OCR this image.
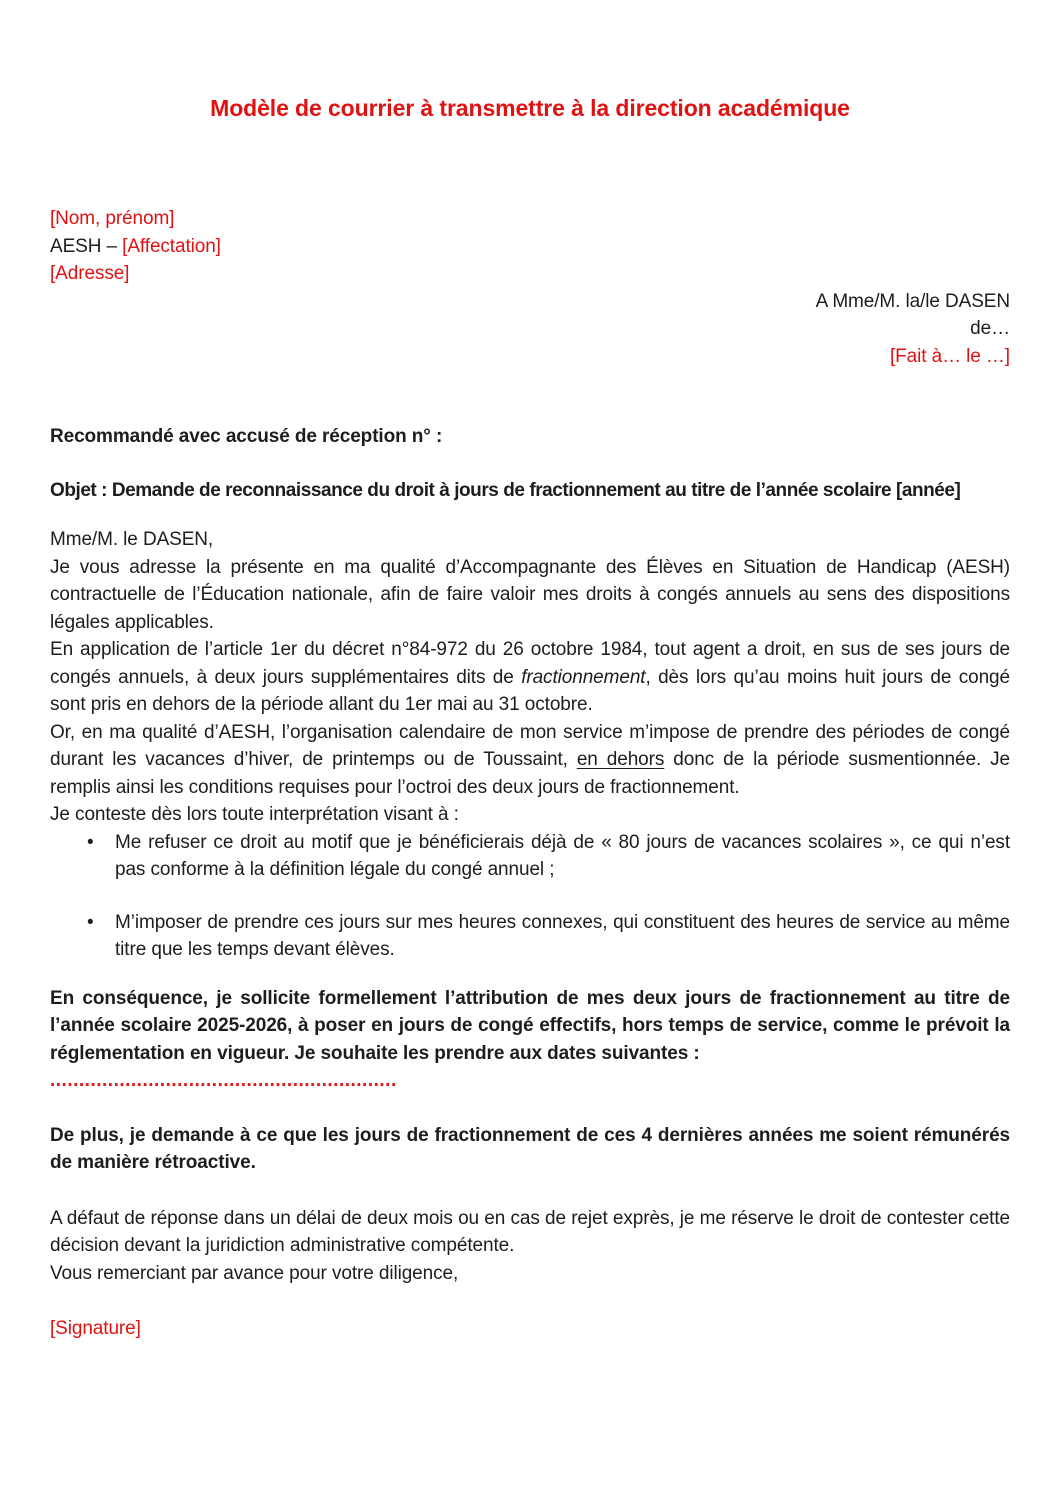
Modèle de courrier à transmettre à la direction académique
[Nom, prénom]
AESH – [Affectation]
[Adresse]
A Mme/M. la/le DASEN
de…
[Fait à… le …]

Recommandé avec accusé de réception n° :

Objet : Demande de reconnaissance du droit à jours de fractionnement au titre de l’année scolaire [année]

Mme/M. le DASEN,

Je vous adresse la présente en ma qualité d’Accompagnante des Élèves en Situation de Handicap (AESH) contractuelle de l’Éducation nationale, afin de faire valoir mes droits à congés annuels au sens des dispositions légales applicables.

En application de l’article 1er du décret n°84-972 du 26 octobre 1984, tout agent a droit, en sus de ses jours de congés annuels, à deux jours supplémentaires dits de fractionnement, dès lors qu’au moins huit jours de congé sont pris en dehors de la période allant du 1er mai au 31 octobre.

Or, en ma qualité d’AESH, l’organisation calendaire de mon service m’impose de prendre des périodes de congé durant les vacances d’hiver, de printemps ou de Toussaint, en dehors donc de la période susmentionnée. Je remplis ainsi les conditions requises pour l’octroi des deux jours de fractionnement.

Je conteste dès lors toute interprétation visant à :

• Me refuser ce droit au motif que je bénéficierais déjà de « 80 jours de vacances scolaires », ce qui n’est pas conforme à la définition légale du congé annuel ;
• M’imposer de prendre ces jours sur mes heures connexes, qui constituent des heures de service au même titre que les temps devant élèves.

En conséquence, je sollicite formellement l’attribution de mes deux jours de fractionnement au titre de l’année scolaire 2025-2026, à poser en jours de congé effectifs, hors temps de service, comme le prévoit la réglementation en vigueur. Je souhaite les prendre aux dates suivantes :

............................................................

De plus, je demande à ce que les jours de fractionnement de ces 4 dernières années me soient rémunérés de manière rétroactive.

A défaut de réponse dans un délai de deux mois ou en cas de rejet exprès, je me réserve le droit de contester cette décision devant la juridiction administrative compétente.

Vous remerciant par avance pour votre diligence,

[Signature]
